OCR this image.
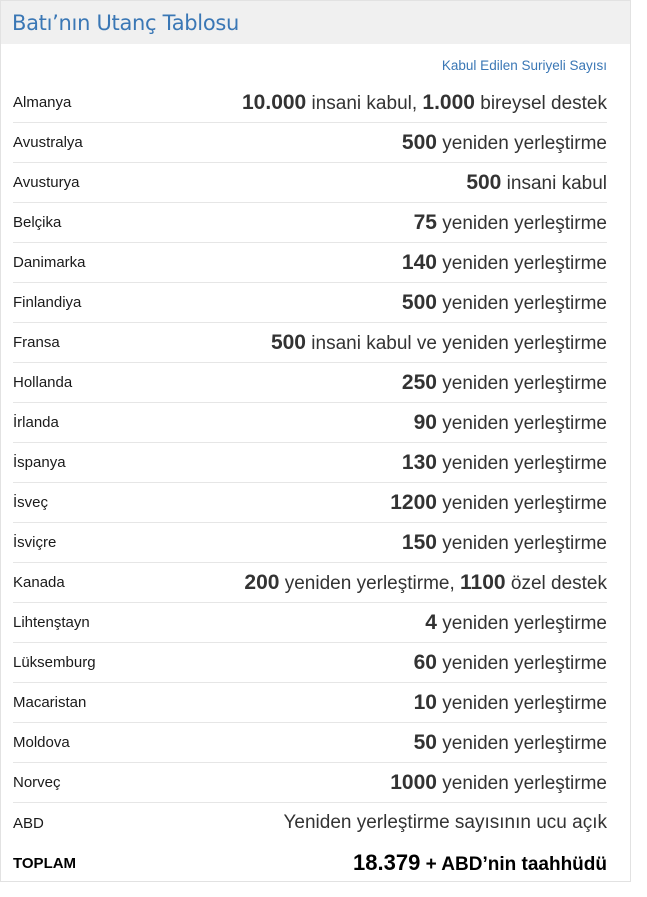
Batı’nın Utanç Tablosu
Kabul Edilen Suriyeli Sayısı
Almanya	10.000 insani kabul, 1.000 bireysel destek
Avustralya	500 yeniden yerleştirme
Avusturya	500 insani kabul
Belçika	75 yeniden yerleştirme
Danimarka	140 yeniden yerleştirme
Finlandiya	500 yeniden yerleştirme
Fransa	500 insani kabul ve yeniden yerleştirme
Hollanda	250 yeniden yerleştirme
İrlanda	90 yeniden yerleştirme
İspanya	130 yeniden yerleştirme
İsveç	1200 yeniden yerleştirme
İsviçre	150 yeniden yerleştirme
Kanada	200 yeniden yerleştirme, 1100 özel destek
Lihtenştayn	4 yeniden yerleştirme
Lüksemburg	60 yeniden yerleştirme
Macaristan	10 yeniden yerleştirme
Moldova	50 yeniden yerleştirme
Norveç	1000 yeniden yerleştirme
ABD	Yeniden yerleştirme sayısının ucu açık
TOPLAM	18.379 + ABD’nin taahhüdü
